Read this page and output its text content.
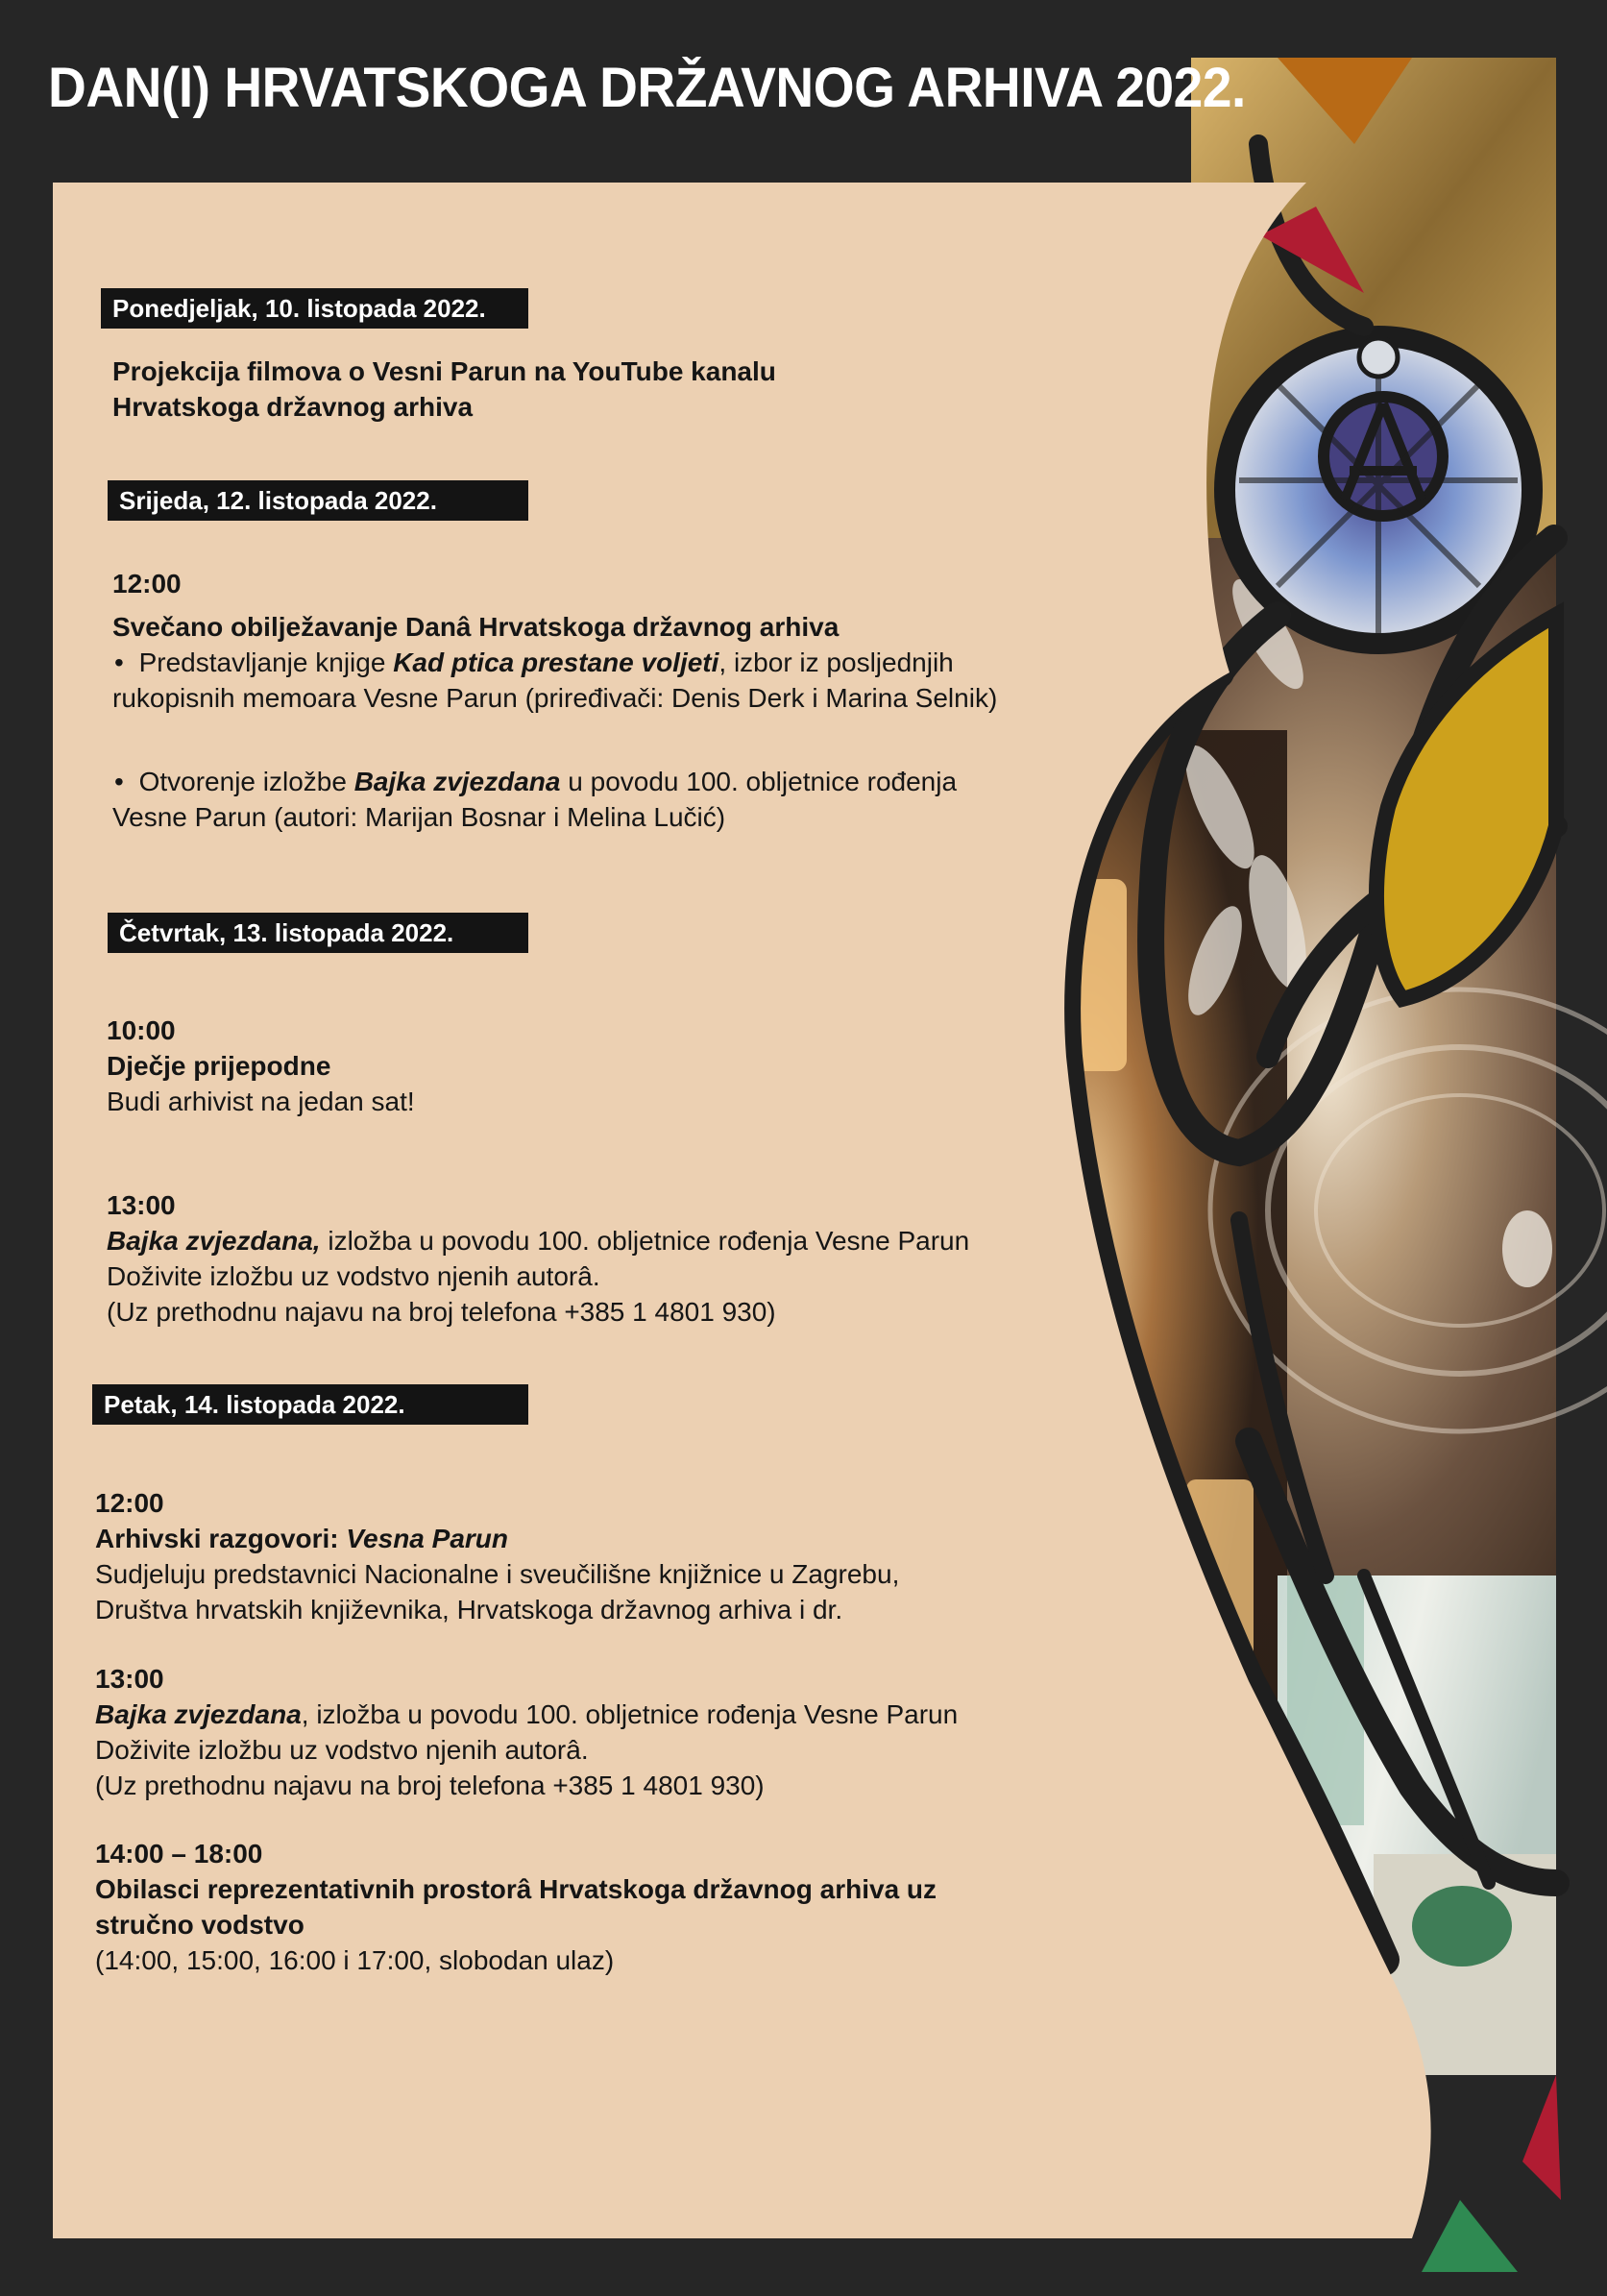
DAN(I) HRVATSKOGA DRŽAVNOG ARHIVA 2022.
Ponedjeljak, 10. listopada 2022.
Projekcija filmova o Vesni Parun na YouTube kanalu
Hrvatskoga državnog arhiva
Srijeda, 12. listopada 2022.
12:00
Svečano obilježavanje Danâ Hrvatskoga državnog arhiva
• Predstavljanje knjige Kad ptica prestane voljeti, izbor iz posljednjih
rukopisnih memoara Vesne Parun (priređivači: Denis Derk i Marina Selnik)
• Otvorenje izložbe Bajka zvjezdana u povodu 100. obljetnice rođenja
Vesne Parun (autori: Marijan Bosnar i Melina Lučić)
Četvrtak, 13. listopada 2022.
10:00
Dječje prijepodne
Budi arhivist na jedan sat!
13:00
Bajka zvjezdana, izložba u povodu 100. obljetnice rođenja Vesne Parun
Doživite izložbu uz vodstvo njenih autorâ.
(Uz prethodnu najavu na broj telefona +385 1 4801 930)
Petak, 14. listopada 2022.
12:00
Arhivski razgovori: Vesna Parun
Sudjeluju predstavnici Nacionalne i sveučilišne knjižnice u Zagrebu,
Društva hrvatskih književnika, Hrvatskoga državnog arhiva i dr.
13:00
Bajka zvjezdana, izložba u povodu 100. obljetnice rođenja Vesne Parun
Doživite izložbu uz vodstvo njenih autorâ.
(Uz prethodnu najavu na broj telefona +385 1 4801 930)
14:00 – 18:00
Obilasci reprezentativnih prostorâ Hrvatskoga državnog arhiva uz
stručno vodstvo
(14:00, 15:00, 16:00 i 17:00, slobodan ulaz)
